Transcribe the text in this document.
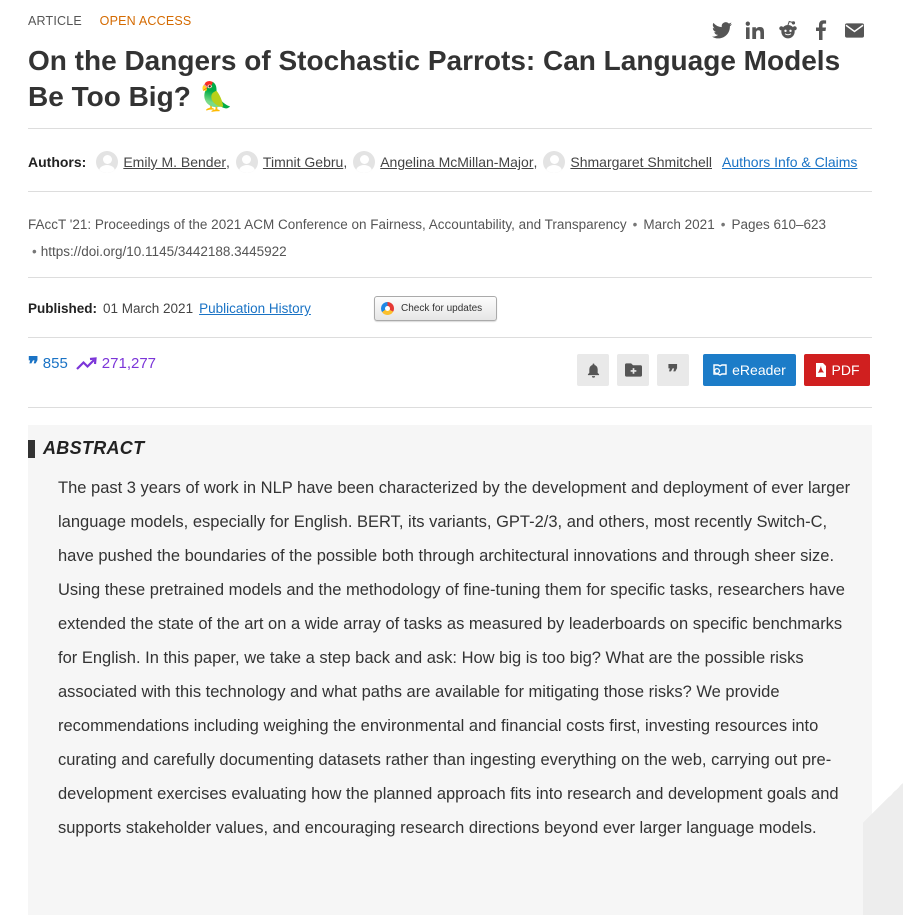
ARTICLE OPEN ACCESS
On the Dangers of Stochastic Parrots: Can Language Models Be Too Big? 🦜
Authors:	Emily M. Bender , Timnit Gebru , Angelina McMillan-Major , Shmargaret Shmitchell Authors Info & Claims
FAccT '21: Proceedings of the 2021 ACM Conference on Fairness, Accountability, and Transparency • March 2021 • Pages 610–623
• https://doi.org/10.1145/3442188.3445922
Published: 01 March 2021 Publication History	Check for updates
❞ 855 271,277	❞	eReader	PDF
ABSTRACT

The past 3 years of work in NLP have been characterized by the development and deployment of ever larger language models, especially for English. BERT, its variants, GPT-2/3, and others, most recently Switch-C, have pushed the boundaries of the possible both through architectural innovations and through sheer size. Using these pretrained models and the methodology of fine-tuning them for specific tasks, researchers have extended the state of the art on a wide array of tasks as measured by leaderboards on specific benchmarks for English. In this paper, we take a step back and ask: How big is too big? What are the possible risks associated with this technology and what paths are available for mitigating those risks? We provide recommendations including weighing the environmental and financial costs first, investing resources into curating and carefully documenting datasets rather than ingesting everything on the web, carrying out pre-development exercises evaluating how the planned approach fits into research and development goals and supports stakeholder values, and encouraging research directions beyond ever larger language models.
